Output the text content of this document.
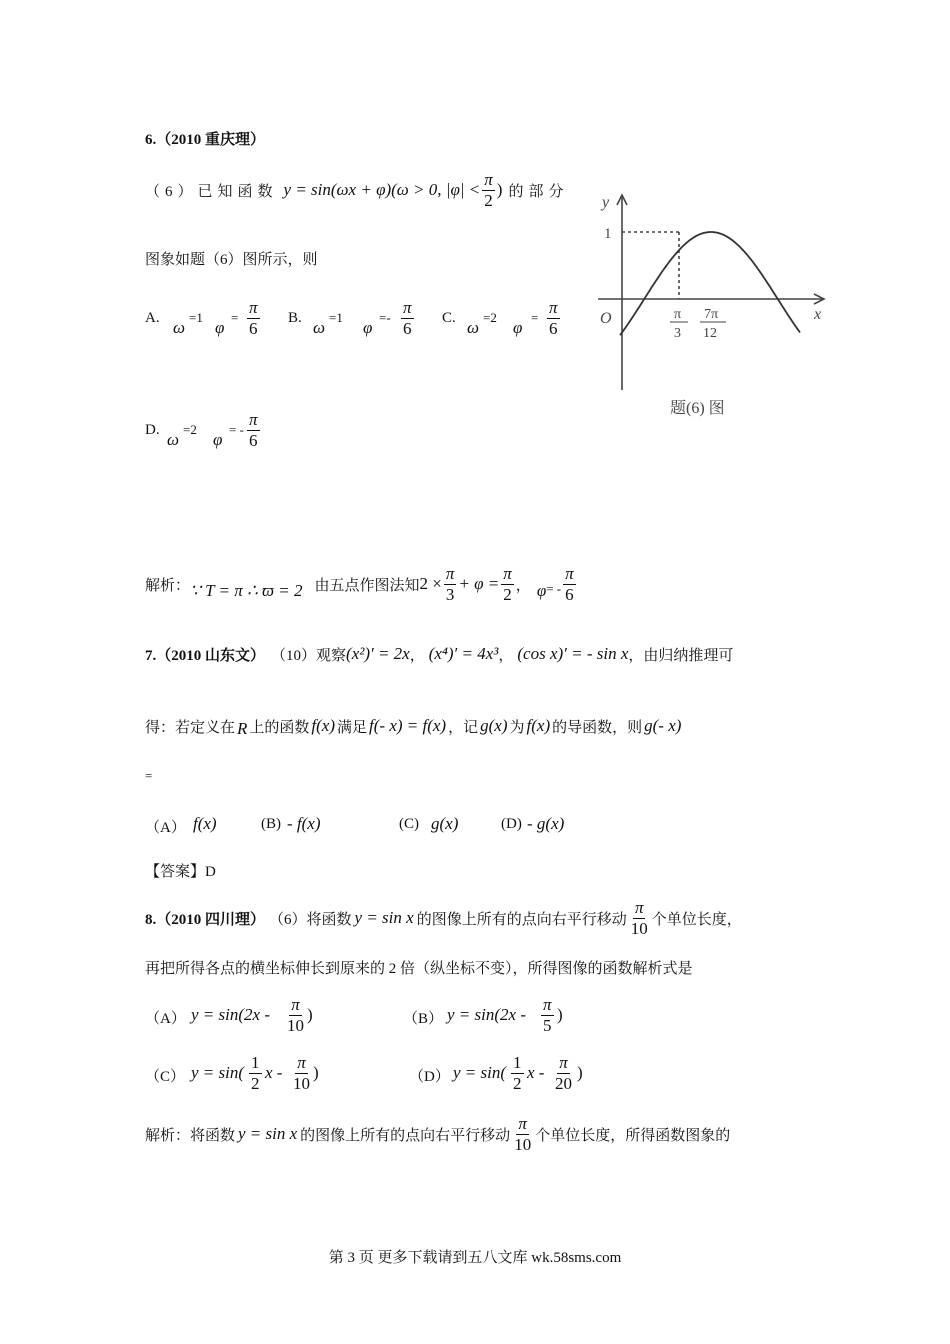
6.（2010 重庆理）
（6） 已知函数 y = sin(ωx + φ)(ω > 0, $|\varphi| < \frac{\pi}{2}$ ) 的部分
图象如题（6）图所示，则
A. ω
=1
φ
= $\frac{\pi}{6} B$. ω
=1
φ
=- $\frac{\pi}{6} C$. ω
=2
φ
= $\frac{\pi}{6}$
D. ω
=2
φ
= - $\frac{\pi}{6}$
y
x
O
1
π
3
7π
12
题(6) 图
解析： ∵ T = π ∴ ϖ = 2 由五点作图法知 $2 \times \frac{\pi}{3} + \varphi = \frac{\pi}{2}$ ， φ = - $\frac{\pi}{6}$
7.（2010 山东文） （10）观察 (x²)′ = 2x ， (x⁴)′ = 4x³ ， (cos x)′ = - sin x ，由归纳推理可
得：若定义在 R 上的函数 f(x) 满足 f(- x) = f(x) ，记 g(x) 为 f(x) 的导函数，则 g(- x)
=
（A） f(x)	(B) - f(x)	(C) g(x)	(D) - g(x)
【答案】D
8.（2010 四川理） （6）将函数 y = sin x 的图像上所有的点向右平行移动 $\frac{\pi}{10}$ 个单位长度，
再把所得各点的横坐标伸长到原来的 2 倍（纵坐标不变），所得图像的函数解析式是
（A） $y = \sin(2x - \frac{\pi}{10}$ )	（B） $y = \sin(2x - \frac{\pi}{5}$ )
（C） $y = \sin( \frac{1}{2}$ x - $\frac{\pi}{10}$ )	（D） $y = \sin( \frac{1}{2}$ x - $\frac{\pi}{20}$ )
解析：将函数 y = sin x 的图像上所有的点向右平行移动 $\frac{\pi}{10}$ 个单位长度，所得函数图象的
第 3 页 更多下载请到五八文库 wk.58sms.com
